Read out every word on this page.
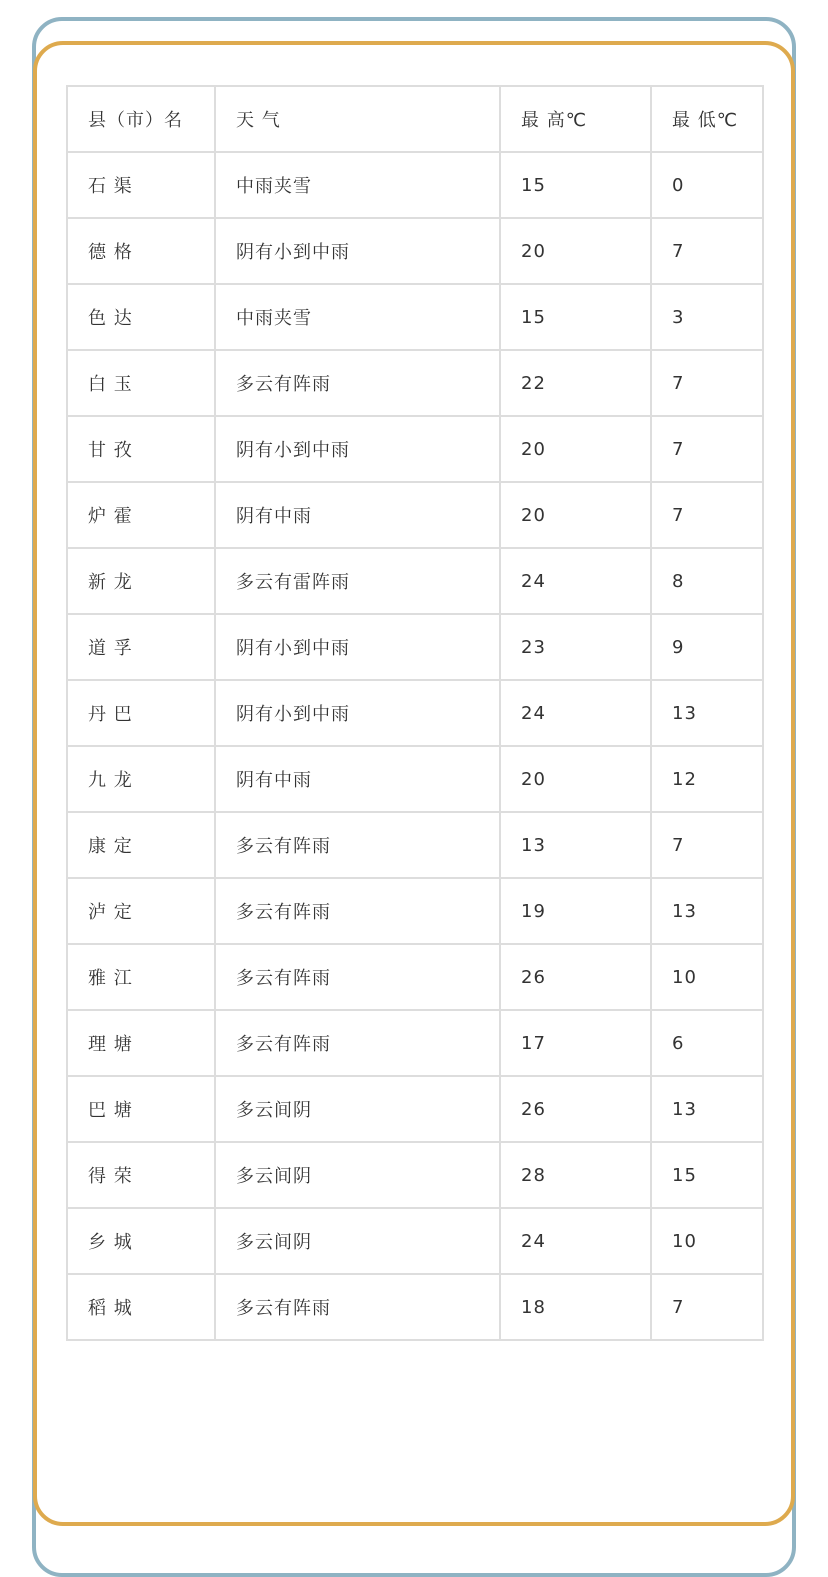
县（市）名	天 气	最 高℃	最 低℃
石 渠	中雨夹雪	15	0
德 格	阴有小到中雨	20	7
色 达	中雨夹雪	15	3
白 玉	多云有阵雨	22	7
甘 孜	阴有小到中雨	20	7
炉 霍	阴有中雨	20	7
新 龙	多云有雷阵雨	24	8
道 孚	阴有小到中雨	23	9
丹 巴	阴有小到中雨	24	13
九 龙	阴有中雨	20	12
康 定	多云有阵雨	13	7
泸 定	多云有阵雨	19	13
雅 江	多云有阵雨	26	10
理 塘	多云有阵雨	17	6
巴 塘	多云间阴	26	13
得 荣	多云间阴	28	15
乡 城	多云间阴	24	10
稻 城	多云有阵雨	18	7
